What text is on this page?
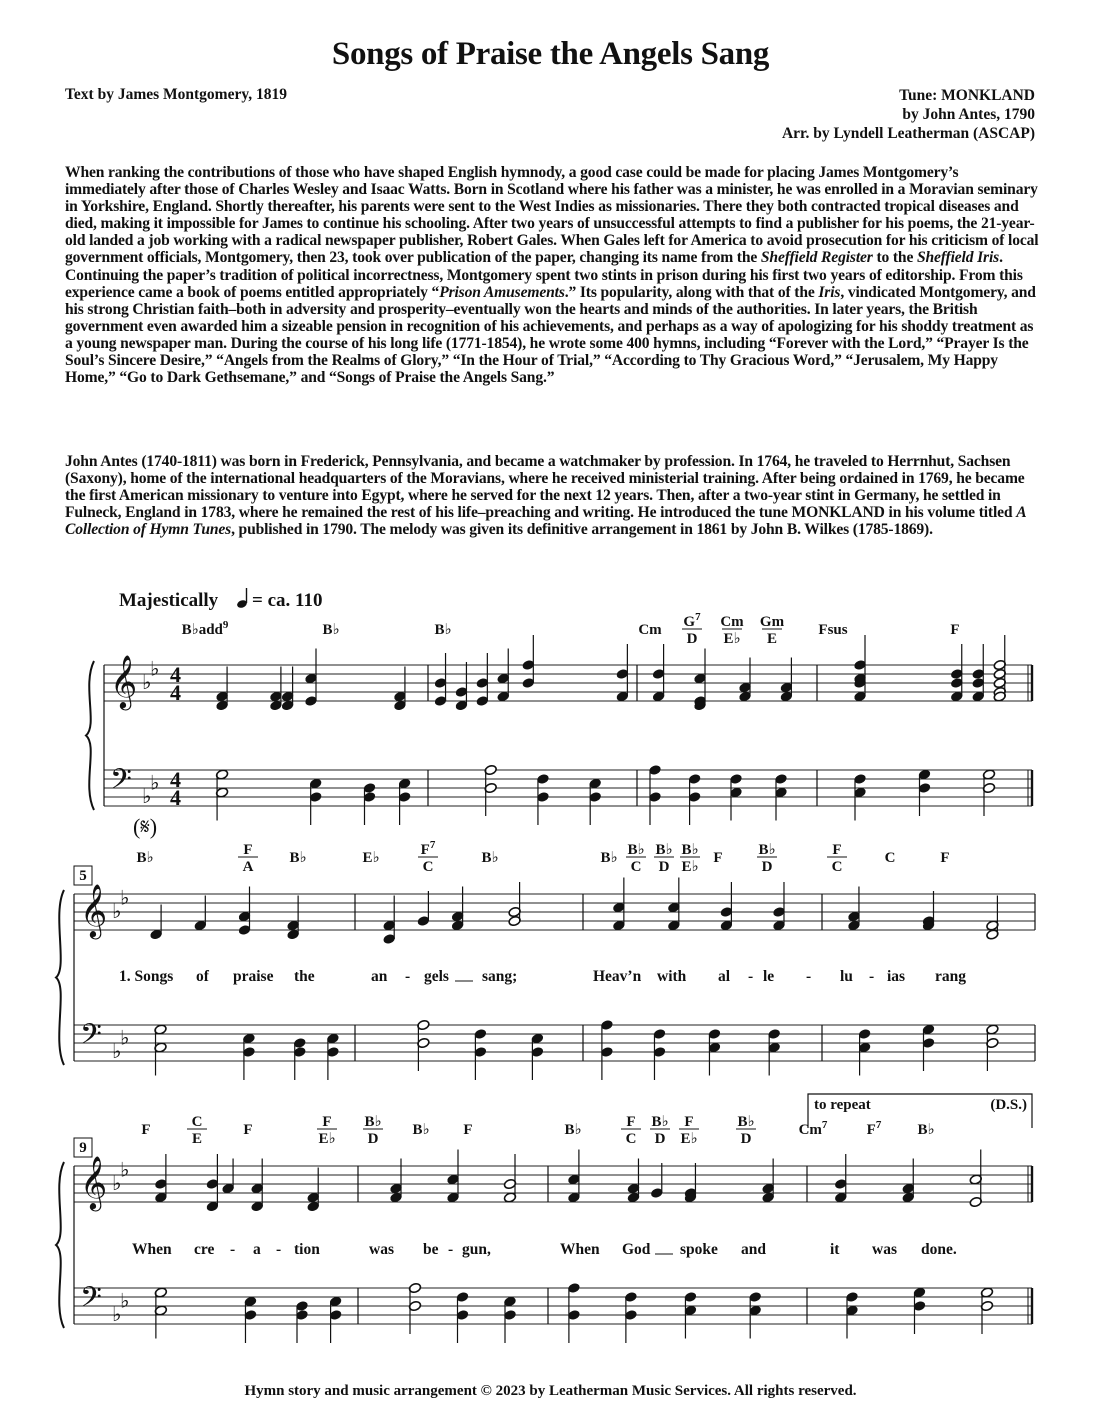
Songs of Praise the Angels Sang
Text by James Montgomery, 1819	Tune: MONKLAND
by John Antes, 1790
Arr. by Lyndell Leatherman (ASCAP)

When ranking the contributions of those who have shaped English hymnody, a good case could be made for placing James Montgomery’s immediately after those of Charles Wesley and Isaac Watts. Born in Scotland where his father was a minister, he was enrolled in a Moravian seminary in Yorkshire, England. Shortly thereafter, his parents were sent to the West Indies as missionaries. There they both contracted tropical diseases and died, making it impossible for James to continue his schooling. After two years of unsuccessful attempts to find a publisher for his poems, the 21-year-old landed a job working with a radical newspaper publisher, Robert Gales. When Gales left for America to avoid prosecution for his criticism of local government officials, Montgomery, then 23, took over publication of the paper, changing its name from the Sheffield Register to the Sheffield Iris. Continuing the paper’s tradition of political incorrectness, Montgomery spent two stints in prison during his first two years of editorship. From this experience came a book of poems entitled appropriately “Prison Amusements.” Its popularity, along with that of the Iris, vindicated Montgomery, and his strong Christian faith–both in adversity and prosperity–eventually won the hearts and minds of the authorities. In later years, the British government even awarded him a sizeable pension in recognition of his achievements, and perhaps as a way of apologizing for his shoddy treatment as a young newspaper man. During the course of his long life (1771-1854), he wrote some 400 hymns, including “Forever with the Lord,” “Prayer Is the Soul’s Sincere Desire,” “Angels from the Realms of Glory,” “In the Hour of Trial,” “According to Thy Gracious Word,” “Jerusalem, My Happy Home,” “Go to Dark Gethsemane,” and “Songs of Praise the Angels Sang.”

John Antes (1740-1811) was born in Frederick, Pennsylvania, and became a watchmaker by profession. In 1764, he traveled to Herrnhut, Sachsen (Saxony), home of the international headquarters of the Moravians, where he received ministerial training. After being ordained in 1769, he became the first American missionary to venture into Egypt, where he served for the next 12 years. Then, after a two-year stint in Germany, he settled in Fulneck, England in 1783, where he remained the rest of his life–preaching and writing. He introduced the tune MONKLAND in his volume titled A Collection of Hymn Tunes, published in 1790. The melody was given its definitive arrangement in 1861 by John B. Wilkes (1785-1869).

Majestically = ca. 110
(𝄋)
𝄞
𝄢
♭
♭
♭
♭
4
4
4
4
B♭add$^9$	B♭	B♭	Cm $G^7$
D
Cm
E♭
Gm
E
Fsus	F
𝄞
𝄢
♭
♭
♭
♭
5
B♭	F
A
B♭	E♭	$F^7$
C
B♭	B♭ B♭
C
B♭
D
B♭
E♭
F B♭
D
F
C
C	F
1. Songs of praise the	an - gels sang;	Heav’n with al - le - lu - ias rang
𝄞
𝄢
♭
♭
♭
♭
9
F	C
E
F	F
E♭
B♭
D
B♭ F	B♭	F
C
B♭
D
F
E♭
B♭
D
Cm$^7$	$F^7$ B♭
When cre - a - tion	was be - gun,	When God spoke and	it was done.
to repeat	(D.S.)
Hymn story and music arrangement © 2023 by Leatherman Music Services. All rights reserved.
